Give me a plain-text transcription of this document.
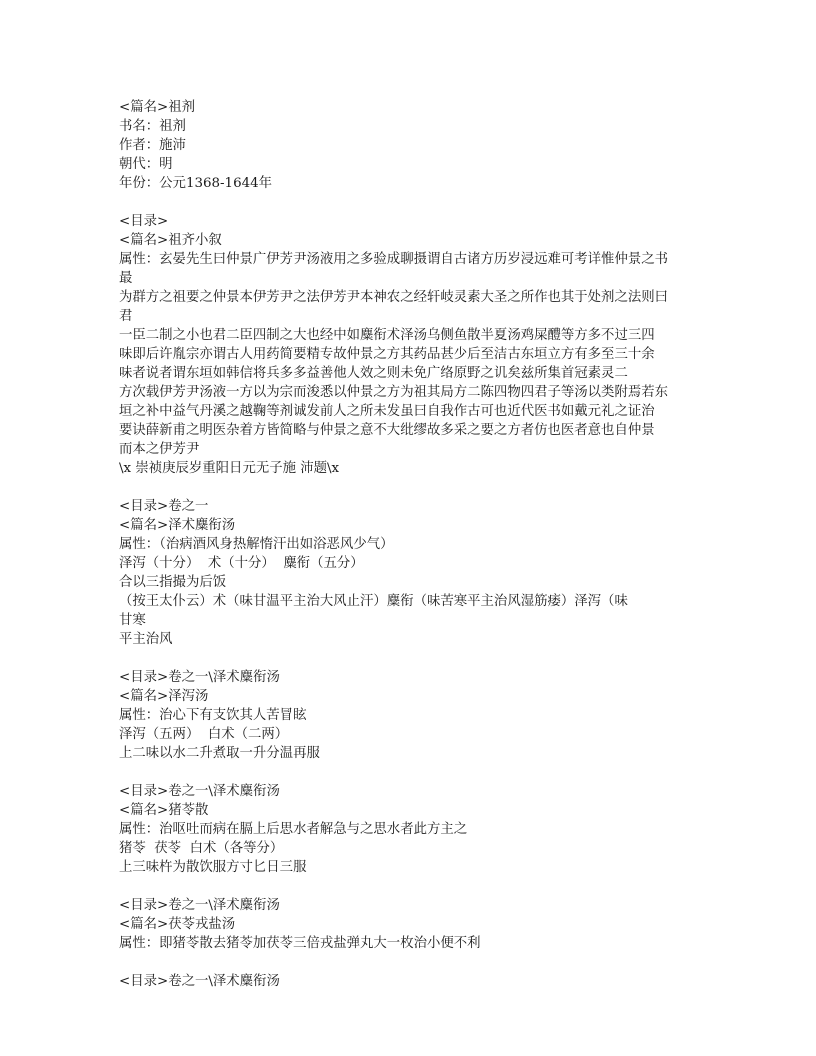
<篇名>祖剂
书名：祖剂
作者：施沛
朝代：明
年份：公元1368-1644年
<目录>
<篇名>祖齐小叙
属性：玄晏先生曰仲景广伊芳尹汤液用之多验成聊摄谓自古诸方历岁浸远难可考详惟仲景之书
最
为群方之祖要之仲景本伊芳尹之法伊芳尹本神农之经轩岐灵素大圣之所作也其于处剂之法则曰
君
一臣二制之小也君二臣四制之大也经中如麋衔术泽汤乌侧鱼散半夏汤鸡屎醴等方多不过三四
味即后许胤宗亦谓古人用药简要精专故仲景之方其药品甚少后至洁古东垣立方有多至三十余
味者说者谓东垣如韩信将兵多多益善他人效之则未免广络原野之讥矣兹所集首冠素灵二
方次载伊芳尹汤液一方以为宗而浚悉以仲景之方为祖其局方二陈四物四君子等汤以类附焉若东
垣之补中益气丹溪之越鞠等剂诚发前人之所未发虽曰自我作古可也近代医书如戴元礼之证治
要诀薛新甫之明医杂着方皆简略与仲景之意不大纰缪故多采之要之方者仿也医者意也自仲景
而本之伊芳尹
\x 崇祯庚辰岁重阳日元无子施 沛题\x
<目录>卷之一
<篇名>泽术麋衔汤
属性：（治病酒风身热解惰汗出如浴恶风少气）
泽泻（十分）  术（十分）  麋衔（五分）
合以三指撮为后饭
（按王太仆云）术（味甘温平主治大风止汗）麋衔（味苦寒平主治风湿筋痿）泽泻（味
甘寒
平主治风
<目录>卷之一\泽术麋衔汤
<篇名>泽泻汤
属性：治心下有支饮其人苦冒眩
泽泻（五两）  白术（二两）
上二味以水二升煮取一升分温再服
<目录>卷之一\泽术麋衔汤
<篇名>猪苓散
属性：治呕吐而病在膈上后思水者解急与之思水者此方主之
猪苓  茯苓  白术（各等分）
上三味杵为散饮服方寸匕日三服
<目录>卷之一\泽术麋衔汤
<篇名>茯苓戎盐汤
属性：即猪苓散去猪苓加茯苓三倍戎盐弹丸大一枚治小便不利
<目录>卷之一\泽术麋衔汤
